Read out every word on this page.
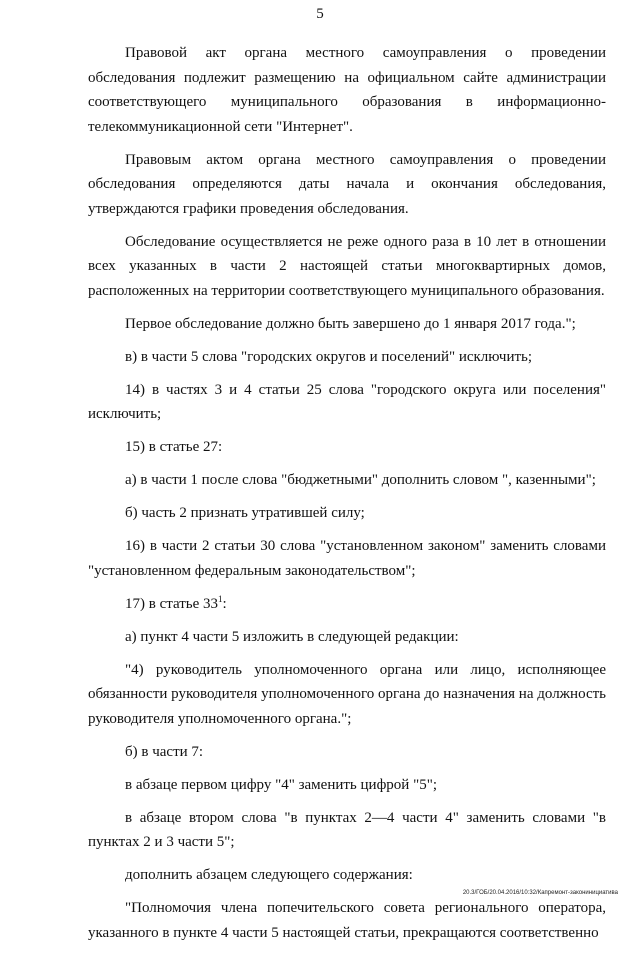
5

Правовой акт органа местного самоуправления о проведении обследования подлежит размещению на официальном сайте администрации соответствующего муниципального образования в информационно-телекоммуникационной сети "Интернет".

Правовым актом органа местного самоуправления о проведении обследования определяются даты начала и окончания обследования, утверждаются графики проведения обследования.

Обследование осуществляется не реже одного раза в 10 лет в отношении всех указанных в части 2 настоящей статьи многоквартирных домов, расположенных на территории соответствующего муниципального образования.

Первое обследование должно быть завершено до 1 января 2017 года.";

в) в части 5 слова "городских округов и поселений" исключить;

14) в частях 3 и 4 статьи 25 слова "городского округа или поселения" исключить;

15) в статье 27:

а) в части 1 после слова "бюджетными" дополнить словом ", казенными";

б) часть 2 признать утратившей силу;

16) в части 2 статьи 30 слова "установленном законом" заменить словами "установленном федеральным законодательством";

17) в статье $33^1$:

а) пункт 4 части 5 изложить в следующей редакции:

"4) руководитель уполномоченного органа или лицо, исполняющее обязанности руководителя уполномоченного органа до назначения на должность руководителя уполномоченного органа.";

б) в части 7:

в абзаце первом цифру "4" заменить цифрой "5";

в абзаце втором слова "в пунктах 2—4 части 4" заменить словами "в пунктах 2 и 3 части 5";

дополнить абзацем следующего содержания:

"Полномочия члена попечительского совета регионального оператора, указанного в пункте 4 части 5 настоящей статьи, прекращаются соответственно

20.3/ГОБ/20.04.2016/10:32/Капремонт-законинициатива
